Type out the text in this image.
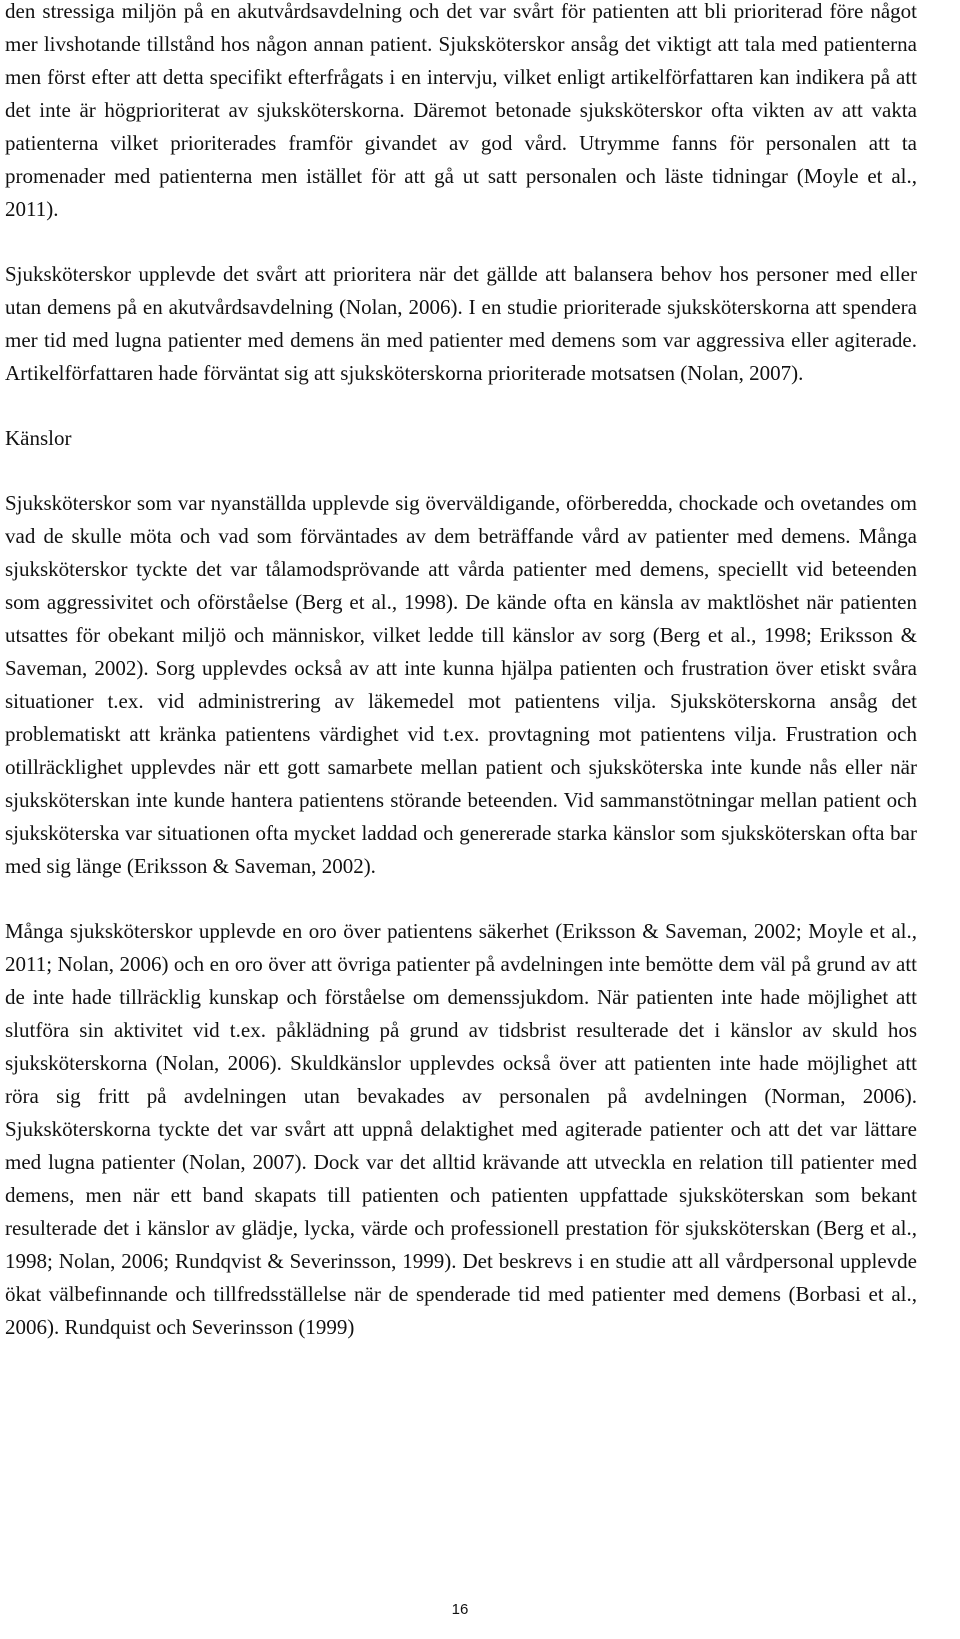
den stressiga miljön på en akutvårdsavdelning och det var svårt för patienten att bli prioriterad före något mer livshotande tillstånd hos någon annan patient. Sjuksköterskor ansåg det viktigt att tala med patienterna men först efter att detta specifikt efterfrågats i en intervju, vilket enligt artikelförfattaren kan indikera på att det inte är högprioriterat av sjuksköterskorna. Däremot betonade sjuksköterskor ofta vikten av att vakta patienterna vilket prioriterades framför givandet av god vård. Utrymme fanns för personalen att ta promenader med patienterna men istället för att gå ut satt personalen och läste tidningar (Moyle et al., 2011).

Sjuksköterskor upplevde det svårt att prioritera när det gällde att balansera behov hos personer med eller utan demens på en akutvårdsavdelning (Nolan, 2006). I en studie prioriterade sjuksköterskorna att spendera mer tid med lugna patienter med demens än med patienter med demens som var aggressiva eller agiterade. Artikelförfattaren hade förväntat sig att sjuksköterskorna prioriterade motsatsen (Nolan, 2007).

Känslor

Sjuksköterskor som var nyanställda upplevde sig överväldigande, oförberedda, chockade och ovetandes om vad de skulle möta och vad som förväntades av dem beträffande vård av patienter med demens. Många sjuksköterskor tyckte det var tålamodsprövande att vårda patienter med demens, speciellt vid beteenden som aggressivitet och oförståelse (Berg et al., 1998). De kände ofta en känsla av maktlöshet när patienten utsattes för obekant miljö och människor, vilket ledde till känslor av sorg (Berg et al., 1998; Eriksson & Saveman, 2002). Sorg upplevdes också av att inte kunna hjälpa patienten och frustration över etiskt svåra situationer t.ex. vid administrering av läkemedel mot patientens vilja. Sjuksköterskorna ansåg det problematiskt att kränka patientens värdighet vid t.ex. provtagning mot patientens vilja. Frustration och otillräcklighet upplevdes när ett gott samarbete mellan patient och sjuksköterska inte kunde nås eller när sjuksköterskan inte kunde hantera patientens störande beteenden. Vid sammanstötningar mellan patient och sjuksköterska var situationen ofta mycket laddad och genererade starka känslor som sjuksköterskan ofta bar med sig länge (Eriksson & Saveman, 2002).

Många sjuksköterskor upplevde en oro över patientens säkerhet (Eriksson & Saveman, 2002; Moyle et al., 2011; Nolan, 2006) och en oro över att övriga patienter på avdelningen inte bemötte dem väl på grund av att de inte hade tillräcklig kunskap och förståelse om demenssjukdom. När patienten inte hade möjlighet att slutföra sin aktivitet vid t.ex. påklädning på grund av tidsbrist resulterade det i känslor av skuld hos sjuksköterskorna (Nolan, 2006). Skuldkänslor upplevdes också över att patienten inte hade möjlighet att röra sig fritt på avdelningen utan bevakades av personalen på avdelningen (Norman, 2006). Sjuksköterskorna tyckte det var svårt att uppnå delaktighet med agiterade patienter och att det var lättare med lugna patienter (Nolan, 2007). Dock var det alltid krävande att utveckla en relation till patienter med demens, men när ett band skapats till patienten och patienten uppfattade sjuksköterskan som bekant resulterade det i känslor av glädje, lycka, värde och professionell prestation för sjuksköterskan (Berg et al., 1998; Nolan, 2006; Rundqvist & Severinsson, 1999). Det beskrevs i en studie att all vårdpersonal upplevde ökat välbefinnande och tillfredsställelse när de spenderade tid med patienter med demens (Borbasi et al., 2006). Rundquist och Severinsson (1999)

16
